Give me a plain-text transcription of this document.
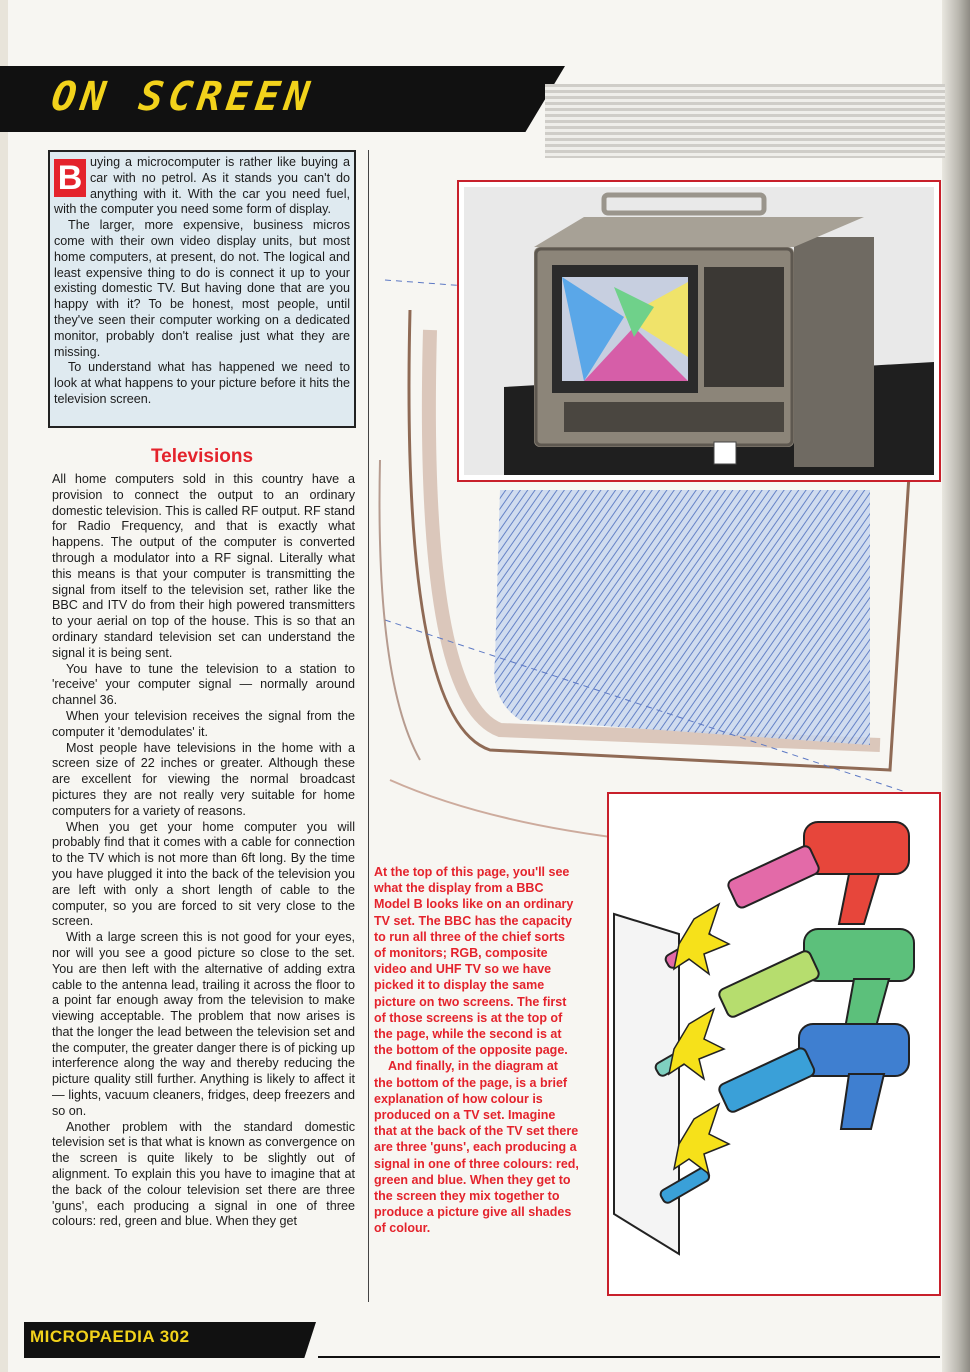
ON SCREEN
B uying a microcomputer is rather like buying a car with no petrol. As it stands you can't do anything with it. With the car you need fuel, with the computer you need some form of display.

The larger, more expensive, business micros come with their own video display units, but most home computers, at present, do not. The logical and least expensive thing to do is connect it up to your existing domestic TV. But having done that are you happy with it? To be honest, most people, until they've seen their computer working on a dedicated monitor, probably don't realise just what they are missing.

To understand what has happened we need to look at what happens to your picture before it hits the television screen.

Televisions

All home computers sold in this country have a provision to connect the output to an ordinary domestic television. This is called RF output. RF stand for Radio Frequency, and that is exactly what happens. The output of the computer is converted through a modulator into a RF signal. Literally what this means is that your computer is transmitting the signal from itself to the television set, rather like the BBC and ITV do from their high powered transmitters to your aerial on top of the house. This is so that an ordinary standard television set can understand the signal it is being sent.

You have to tune the television to a station to 'receive' your computer signal — normally around channel 36.

When your television receives the signal from the computer it 'demodulates' it.

Most people have televisions in the home with a screen size of 22 inches or greater. Although these are excellent for viewing the normal broadcast pictures they are not really very suitable for home computers for a variety of reasons.

When you get your home computer you will probably find that it comes with a cable for connection to the TV which is not more than 6ft long. By the time you have plugged it into the back of the television you are left with only a short length of cable to the computer, so you are forced to sit very close to the screen.

With a large screen this is not good for your eyes, nor will you see a good picture so close to the set. You are then left with the alternative of adding extra cable to the antenna lead, trailing it across the floor to a point far enough away from the television to make viewing acceptable. The problem that now arises is that the longer the lead between the television set and the computer, the greater danger there is of picking up interference along the way and thereby reducing the picture quality still further. Anything is likely to affect it — lights, vacuum cleaners, fridges, deep freezers and so on.

Another problem with the standard domestic television set is that what is known as convergence on the screen is quite likely to be slightly out of alignment. To explain this you have to imagine that at the back of the colour television set there are three 'guns', each producing a signal in one of three colours: red, green and blue. When they get

At the top of this page, you'll see what the display from a BBC Model B looks like on an ordinary TV set. The BBC has the capacity to run all three of the chief sorts of monitors; RGB, composite video and UHF TV so we have picked it to display the same picture on two screens. The first of those screens is at the top of the page, while the second is at the bottom of the opposite page.

And finally, in the diagram at the bottom of the page, is a brief explanation of how colour is produced on a TV set. Imagine that at the back of the TV set there are three 'guns', each producing a signal in one of three colours: red, green and blue. When they get to the screen they mix together to produce a picture give all shades of colour.

MICROPAEDIA 302
